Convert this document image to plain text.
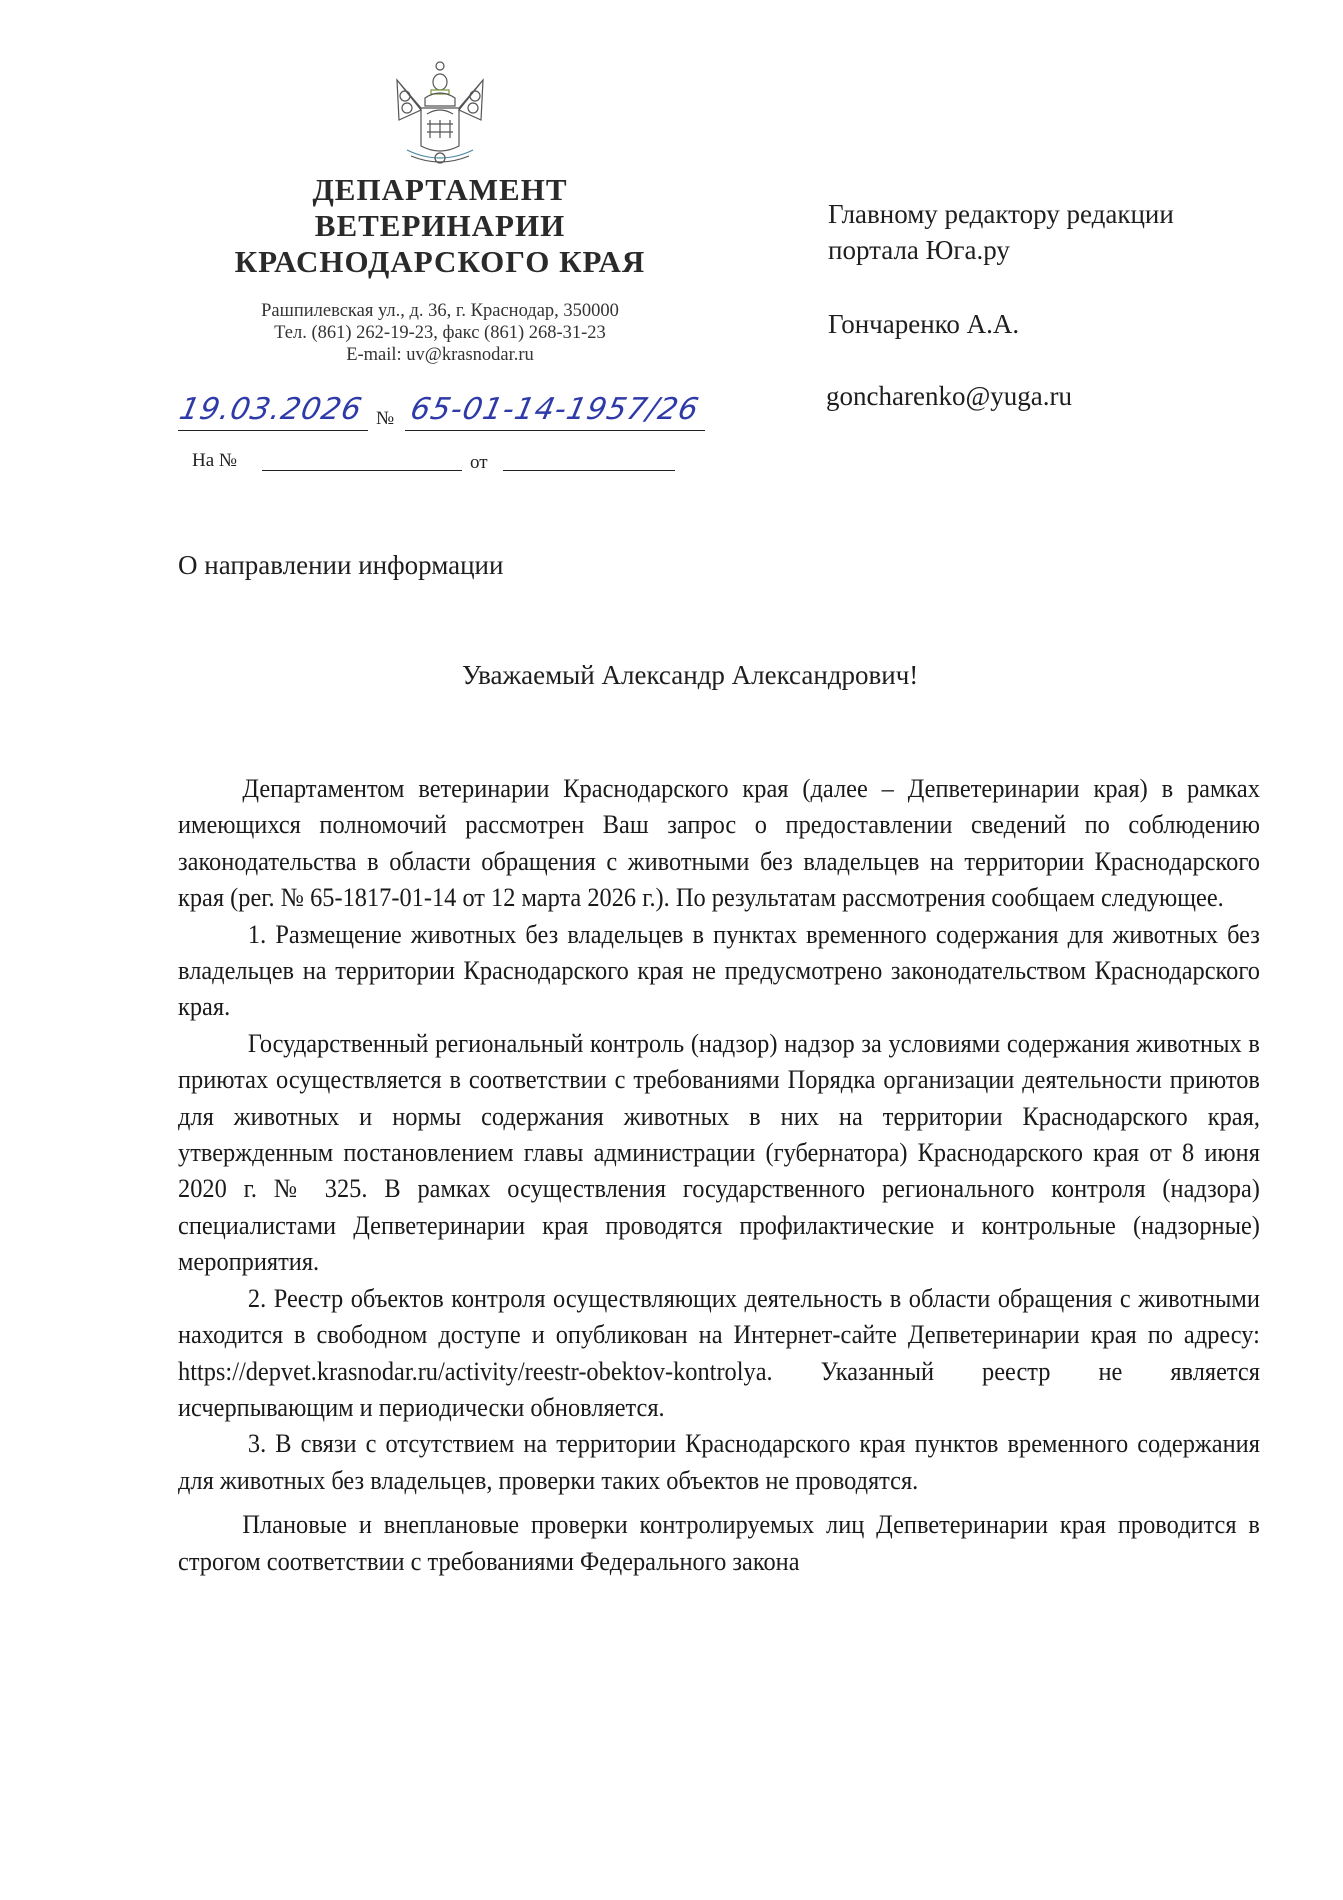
ДЕПАРТАМЕНТ
ВЕТЕРИНАРИИ
КРАСНОДАРСКОГО КРАЯ
Рашпилевская ул., д. 36, г. Краснодар, 350000
Тел. (861) 262-19-23, факс (861) 268-31-23
E-mail: uv@krasnodar.ru
19.03.2026 № 65-01-14-1957/26
На №	от
Главному редактору редакции
портала Юга.ру
Гончаренко А.А.
goncharenko@yuga.ru
О направлении информации
Уважаемый Александр Александрович!

Департаментом ветеринарии Краснодарского края (далее – Депветеринарии края) в рамках имеющихся полномочий рассмотрен Ваш запрос о предоставлении сведений по соблюдению законодательства в области обращения с животными без владельцев на территории Краснодарского края (рег. № 65-1817-01-14 от 12 марта 2026 г.). По результатам рассмотрения сообщаем следующее.

1. Размещение животных без владельцев в пунктах временного содержания для животных без владельцев на территории Краснодарского края не предусмотрено законодательством Краснодарского края.

Государственный региональный контроль (надзор) надзор за условиями содержания животных в приютах осуществляется в соответствии с требованиями Порядка организации деятельности приютов для животных и нормы содержания животных в них на территории Краснодарского края, утвержденным постановлением главы администрации (губернатора) Краснодарского края от 8 июня 2020 г. № 325. В рамках осуществления государственного регионального контроля (надзора) специалистами Депветеринарии края проводятся профилактические и контрольные (надзорные) мероприятия.

2. Реестр объектов контроля осуществляющих деятельность в области обращения с животными находится в свободном доступе и опубликован на Интернет-сайте Депветеринарии края по адресу: https://depvet.krasnodar.ru/activity/reestr-obektov-kontrolya. Указанный реестр не является исчерпывающим и периодически обновляется.

3. В связи с отсутствием на территории Краснодарского края пунктов временного содержания для животных без владельцев, проверки таких объектов не проводятся.

Плановые и внеплановые проверки контролируемых лиц Депветеринарии края проводится в строгом соответствии с требованиями Федерального закона
